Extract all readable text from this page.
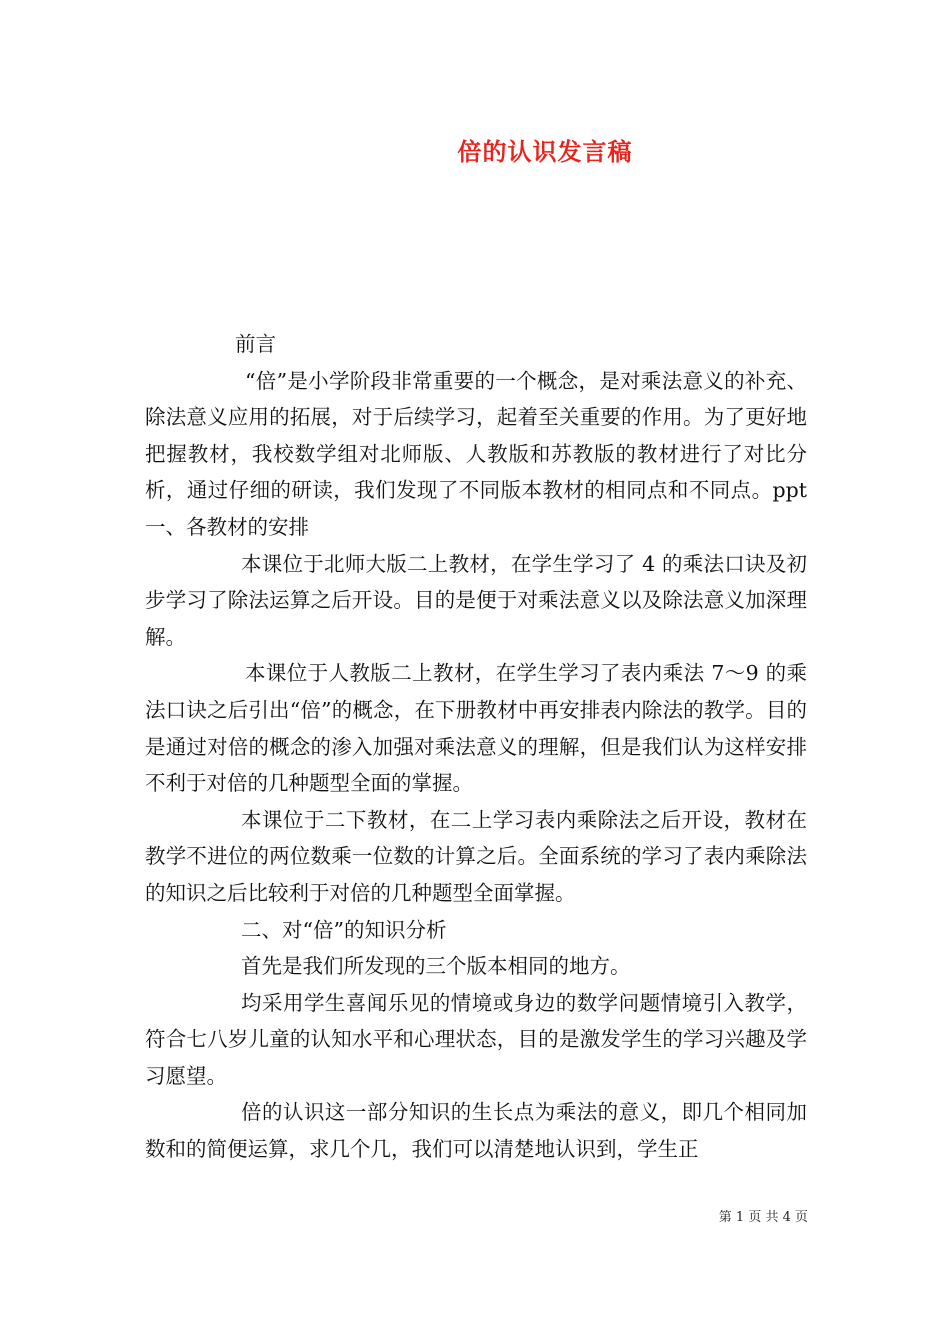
倍的认识发言稿

前言

“倍”是小学阶段非常重要的一个概念，是对乘法意义的补充、除法意义应用的拓展，对于后续学习，起着至关重要的作用。为了更好地把握教材，我校数学组对北师版、人教版和苏教版的教材进行了对比分析，通过仔细的研读，我们发现了不同版本教材的相同点和不同点。ppt 一、各教材的安排

本课位于北师大版二上教材，在学生学习了 4 的乘法口诀及初步学习了除法运算之后开设。目的是便于对乘法意义以及除法意义加深理解。

本课位于人教版二上教材，在学生学习了表内乘法 7～9 的乘法口诀之后引出“倍”的概念，在下册教材中再安排表内除法的教学。目的是通过对倍的概念的渗入加强对乘法意义的理解，但是我们认为这样安排不利于对倍的几种题型全面的掌握。

本课位于二下教材，在二上学习表内乘除法之后开设，教材在教学不进位的两位数乘一位数的计算之后。全面系统的学习了表内乘除法的知识之后比较利于对倍的几种题型全面掌握。

二、对“倍”的知识分析

首先是我们所发现的三个版本相同的地方。

均采用学生喜闻乐见的情境或身边的数学问题情境引入教学，符合七八岁儿童的认知水平和心理状态，目的是激发学生的学习兴趣及学习愿望。

倍的认识这一部分知识的生长点为乘法的意义，即几个相同加数和的简便运算，求几个几，我们可以清楚地认识到，学生正

第 1 页 共 4 页
